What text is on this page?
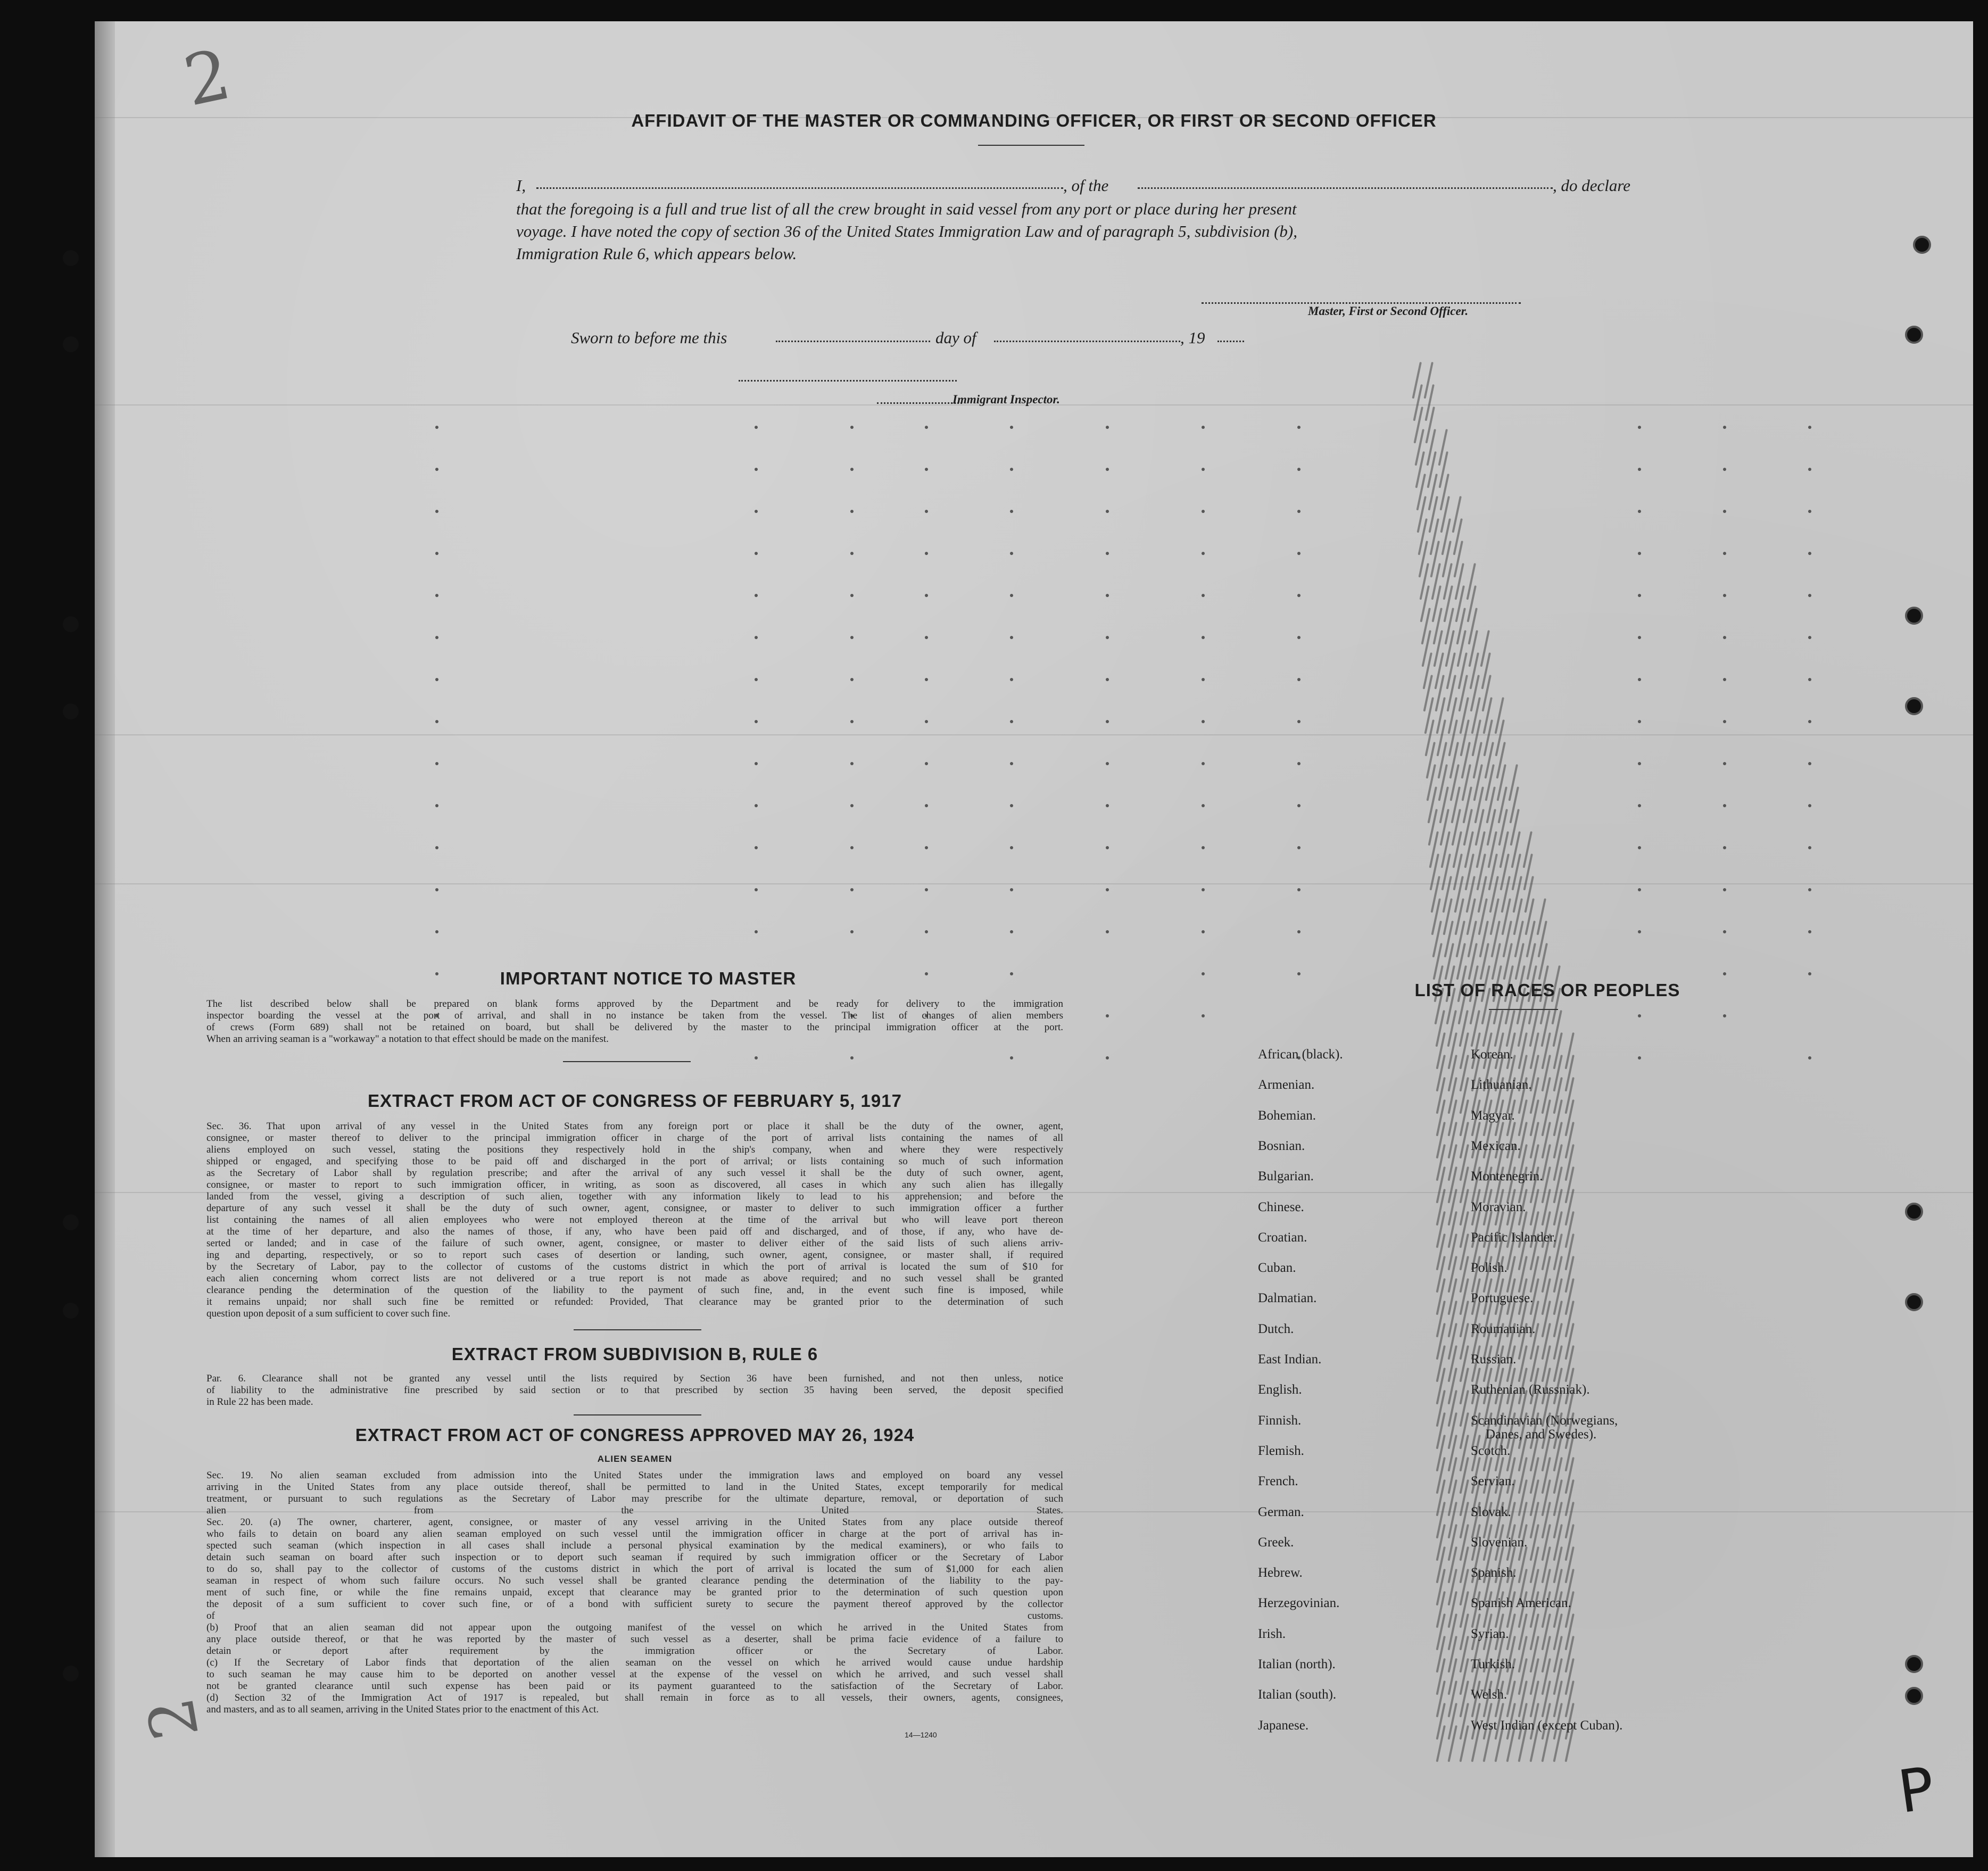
2
2
AFFIDAVIT OF THE MASTER OR COMMANDING OFFICER, OR FIRST OR SECOND OFFICER
I,	, of the	, do declare
that the foregoing is a full and true list of all the crew brought in said vessel from any port or place during her present
voyage. I have noted the copy of section 36 of the United States Immigration Law and of paragraph 5, subdivision (b),
Immigration Rule 6, which appears below.
Master, First or Second Officer.
Sworn to before me this	day of	, 19
Immigrant Inspector.
IMPORTANT NOTICE TO MASTER
The list described below shall be prepared on blank forms approved by the Department and be ready for delivery to the immigration
inspector boarding the vessel at the port of arrival, and shall in no instance be taken from the vessel. The list of changes of alien members
of crews (Form 689) shall not be retained on board, but shall be delivered by the master to the principal immigration officer at the port.
When an arriving seaman is a "workaway" a notation to that effect should be made on the manifest.
EXTRACT FROM ACT OF CONGRESS OF FEBRUARY 5, 1917
Sec. 36. That upon arrival of any vessel in the United States from any foreign port or place it shall be the duty of the owner, agent,
consignee, or master thereof to deliver to the principal immigration officer in charge of the port of arrival lists containing the names of all
aliens employed on such vessel, stating the positions they respectively hold in the ship's company, when and where they were respectively
shipped or engaged, and specifying those to be paid off and discharged in the port of arrival; or lists containing so much of such information
as the Secretary of Labor shall by regulation prescribe; and after the arrival of any such vessel it shall be the duty of such owner, agent,
consignee, or master to report to such immigration officer, in writing, as soon as discovered, all cases in which any such alien has illegally
landed from the vessel, giving a description of such alien, together with any information likely to lead to his apprehension; and before the
departure of any such vessel it shall be the duty of such owner, agent, consignee, or master to deliver to such immigration officer a further
list containing the names of all alien employees who were not employed thereon at the time of the arrival but who will leave port thereon
at the time of her departure, and also the names of those, if any, who have been paid off and discharged, and of those, if any, who have de-
serted or landed; and in case of the failure of such owner, agent, consignee, or master to deliver either of the said lists of such aliens arriv-
ing and departing, respectively, or so to report such cases of desertion or landing, such owner, agent, consignee, or master shall, if required
by the Secretary of Labor, pay to the collector of customs of the customs district in which the port of arrival is located the sum of $10 for
each alien concerning whom correct lists are not delivered or a true report is not made as above required; and no such vessel shall be granted
clearance pending the determination of the question of the liability to the payment of such fine, and, in the event such fine is imposed, while
it remains unpaid; nor shall such fine be remitted or refunded: Provided, That clearance may be granted prior to the determination of such
question upon deposit of a sum sufficient to cover such fine.
EXTRACT FROM SUBDIVISION B, RULE 6
Par. 6. Clearance shall not be granted any vessel until the lists required by Section 36 have been furnished, and not then unless, notice
of liability to the administrative fine prescribed by said section or to that prescribed by section 35 having been served, the deposit specified
in Rule 22 has been made.
EXTRACT FROM ACT OF CONGRESS APPROVED MAY 26, 1924
ALIEN SEAMEN
Sec. 19. No alien seaman excluded from admission into the United States under the immigration laws and employed on board any vessel
arriving in the United States from any place outside thereof, shall be permitted to land in the United States, except temporarily for medical
treatment, or pursuant to such regulations as the Secretary of Labor may prescribe for the ultimate departure, removal, or deportation of such
alien from the United States.
Sec. 20. (a) The owner, charterer, agent, consignee, or master of any vessel arriving in the United States from any place outside thereof
who fails to detain on board any alien seaman employed on such vessel until the immigration officer in charge at the port of arrival has in-
spected such seaman (which inspection in all cases shall include a personal physical examination by the medical examiners), or who fails to
detain such seaman on board after such inspection or to deport such seaman if required by such immigration officer or the Secretary of Labor
to do so, shall pay to the collector of customs of the customs district in which the port of arrival is located the sum of $1,000 for each alien
seaman in respect of whom such failure occurs. No such vessel shall be granted clearance pending the determination of the liability to the pay-
ment of such fine, or while the fine remains unpaid, except that clearance may be granted prior to the determination of such question upon
the deposit of a sum sufficient to cover such fine, or of a bond with sufficient surety to secure the payment thereof approved by the collector
of customs.
(b) Proof that an alien seaman did not appear upon the outgoing manifest of the vessel on which he arrived in the United States from
any place outside thereof, or that he was reported by the master of such vessel as a deserter, shall be prima facie evidence of a failure to
detain or deport after requirement by the immigration officer or the Secretary of Labor.
(c) If the Secretary of Labor finds that deportation of the alien seaman on the vessel on which he arrived would cause undue hardship
to such seaman he may cause him to be deported on another vessel at the expense of the vessel on which he arrived, and such vessel shall
not be granted clearance until such expense has been paid or its payment guaranteed to the satisfaction of the Secretary of Labor.
(d) Section 32 of the Immigration Act of 1917 is repealed, but shall remain in force as to all vessels, their owners, agents, consignees,
and masters, and as to all seamen, arriving in the United States prior to the enactment of this Act.
14—1240
LIST OF RACES OR PEOPLES
African (black).
Armenian.
Bohemian.
Bosnian.
Bulgarian.
Chinese.
Croatian.
Cuban.
Dalmatian.
Dutch.
East Indian.
English.
Finnish.
Flemish.
French.
German.
Greek.
Hebrew.
Herzegovinian.
Irish.
Italian (north).
Italian (south).
Japanese.
Korean.
Lithuanian.
Magyar.
Mexican.
Montenegrin.
Moravian.
Pacific Islander.
Polish.
Portuguese.
Roumanian.
Russian.
Ruthenian (Russniak).
Scandinavian (Norwegians,
Scotch.
Servian.
Slovak.
Slovenian.
Spanish.
Spanish American.
Syrian.
Turkish.
Welsh.
West Indian (except Cuban).
Danes, and Swedes).
P
